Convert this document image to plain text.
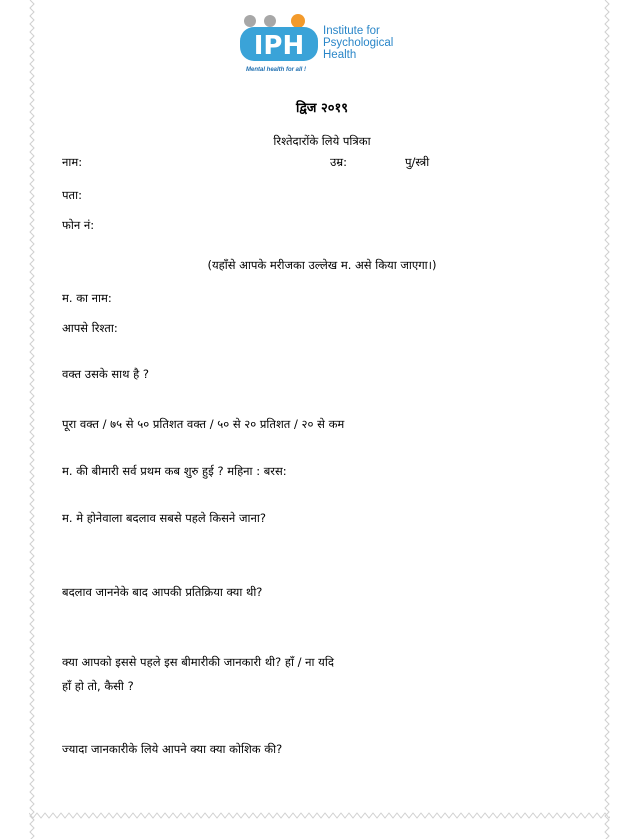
IPH Institute for
Psychological
Health
Mental health for all !
द्विज २०१९
रिश्तेदारोंके लिये पत्रिका
नाम:	उम्र:	पु/स्त्री
पता:
फोन नं:
(यहाँसे आपके मरीजका उल्लेख म. असे किया जाएगा।)
म. का नाम:
आपसे रिश्ता:
वक्त उसके साथ है ?
पूरा वक्त / ७५ से ५० प्रतिशत वक्त / ५० से २० प्रतिशत / २० से कम
म. की बीमारी सर्व प्रथम कब शुरु हुई ? महिना : बरस:
म. मे होनेवाला बदलाव सबसे पहले किसने जाना?
बदलाव जाननेके बाद आपकी प्रतिक्रिया क्या थी?
क्या आपको इससे पहले इस बीमारीकी जानकारी थी? हाँ / ना यदि
हाँ हो तो, कैसी ?
ज्यादा जानकारीके लिये आपने क्या क्या कोशिक की?
